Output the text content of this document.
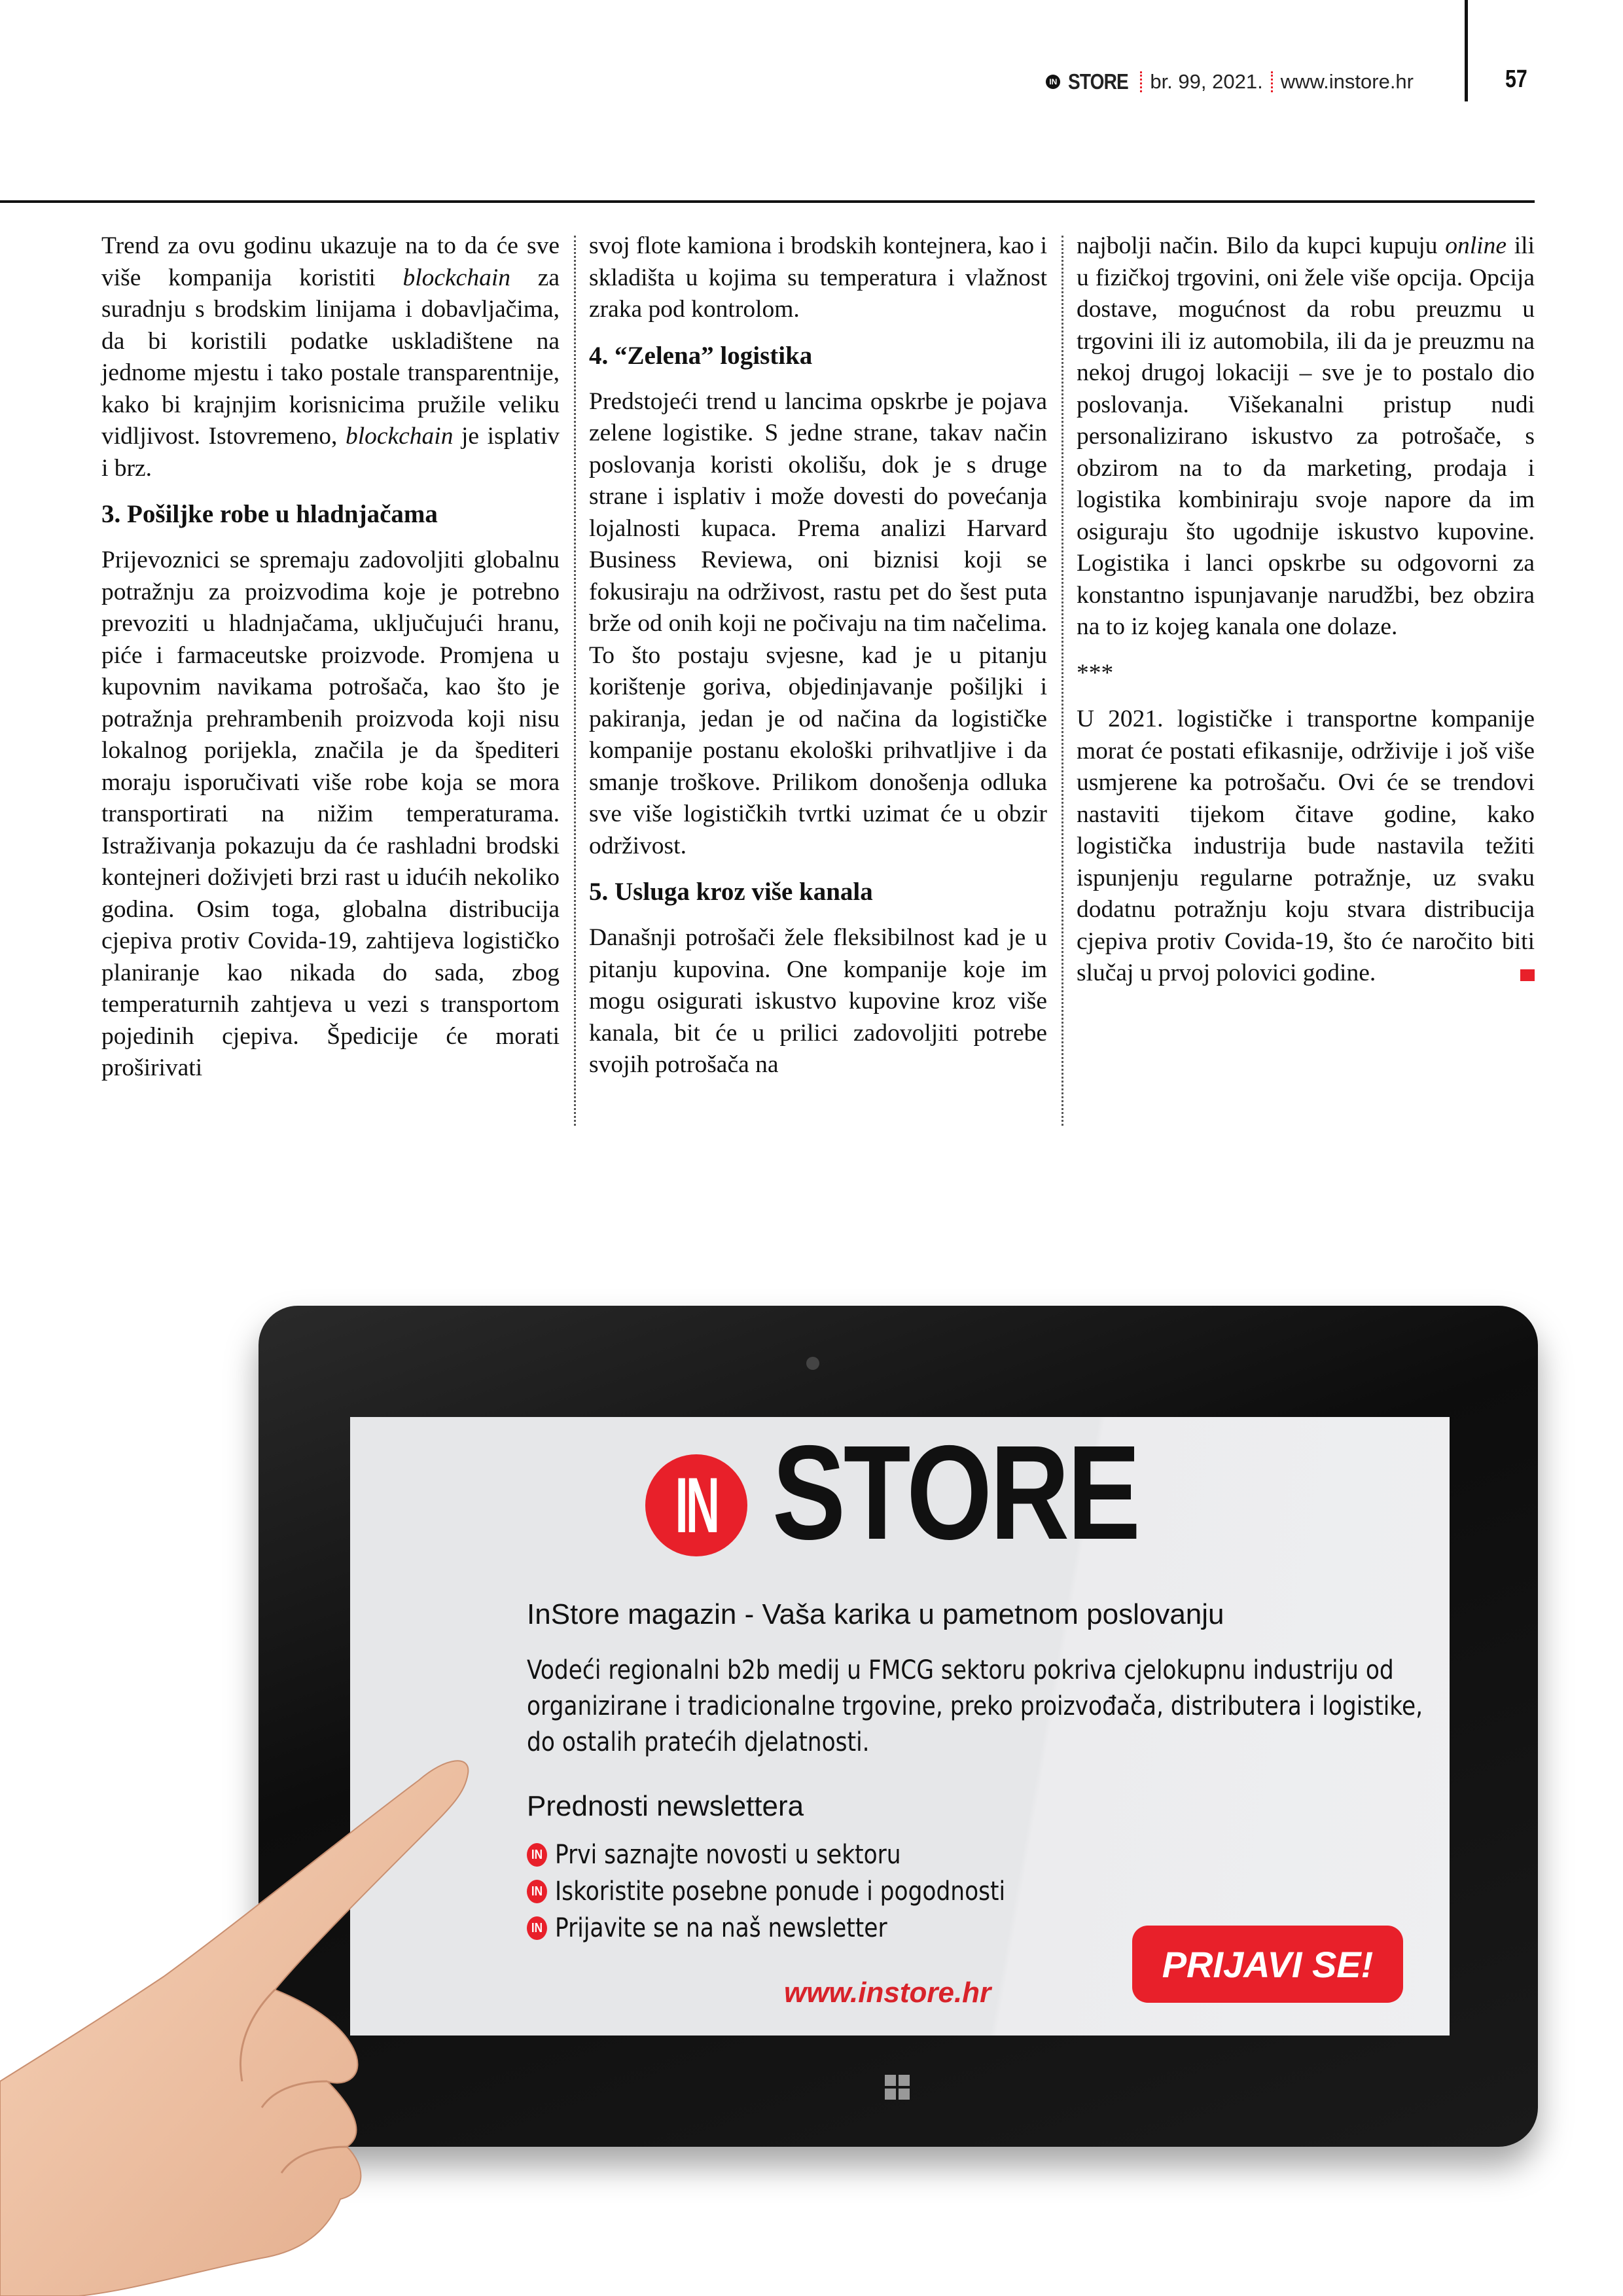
IN STORE br. 99, 2021. www.instore.hr	57

Trend za ovu godinu ukazuje na to da će sve više kompanija koristiti blockchain za suradnju s brodskim linijama i dobavljačima, da bi koristili podatke uskladištene na jednome mjestu i tako postale transparentnije, kako bi krajnjim korisnicima pružile veliku vidljivost. Istovremeno, blockchain je isplativ i brz.

3. Pošiljke robe u hladnjačama

Prijevoznici se spremaju zadovoljiti globalnu potražnju za proizvodima koje je potrebno prevoziti u hladnjačama, uključujući hranu, piće i farmaceutske proizvode. Promjena u kupovnim navikama potrošača, kao što je potražnja prehrambenih proizvoda koji nisu lokalnog porijekla, značila je da špediteri moraju isporučivati više robe koja se mora transportirati na nižim temperaturama. Istraživanja pokazuju da će rashladni brodski kontejneri doživjeti brzi rast u idućih nekoliko godina. Osim toga, globalna distribucija cjepiva protiv Covida-19, zahtijeva logističko planiranje kao nikada do sada, zbog temperaturnih zahtjeva u vezi s transportom pojedinih cjepiva. Špedicije će morati proširivati

svoj flote kamiona i brodskih kontejnera, kao i skladišta u kojima su temperatura i vlažnost zraka pod kontrolom.

4. “Zelena” logistika

Predstojeći trend u lancima opskrbe je pojava zelene logistike. S jedne strane, takav način poslovanja koristi okolišu, dok je s druge strane i isplativ i može dovesti do povećanja lojalnosti kupaca. Prema analizi Harvard Business Reviewa, oni biznisi koji se fokusiraju na održivost, rastu pet do šest puta brže od onih koji ne počivaju na tim načelima. To što postaju svjesne, kad je u pitanju korištenje goriva, objedinjavanje pošiljki i pakiranja, jedan je od načina da logističke kompanije postanu ekološki prihvatljive i da smanje troškove. Prilikom donošenja odluka sve više logističkih tvrtki uzimat će u obzir održivost.

5. Usluga kroz više kanala

Današnji potrošači žele fleksibilnost kad je u pitanju kupovina. One kompanije koje im mogu osigurati iskustvo kupovine kroz više kanala, bit će u prilici zadovoljiti potrebe svojih potrošača na

najbolji način. Bilo da kupci kupuju online ili u fizičkoj trgovini, oni žele više opcija. Opcija dostave, mogućnost da robu preuzmu u trgovini ili iz automobila, ili da je preuzmu na nekoj drugoj lokaciji – sve je to postalo dio poslovanja. Višekanalni pristup nudi personalizirano iskustvo za potrošače, s obzirom na to da marketing, prodaja i logistika kombiniraju svoje napore da im osiguraju što ugodnije iskustvo kupovine. Logistika i lanci opskrbe su odgovorni za konstantno ispunjavanje narudžbi, bez obzira na to iz kojeg kanala one dolaze.

***

U 2021. logističke i transportne kompanije morat će postati efikasnije, održivije i još više usmjerene ka potrošaču. Ovi će se trendovi nastaviti tijekom čitave godine, kako logistička industrija bude nastavila težiti ispunjenju regularne potražnje, uz svaku dodatnu potražnju koju stvara distribucija cjepiva protiv Covida-19, što će naročito biti slučaj u prvoj polovici godine.

IN STORE
InStore magazin - Vaša karika u pametnom poslovanju
Vodeći regionalni b2b medij u FMCG sektoru pokriva cjelokupnu industriju od organizirane i tradicionalne trgovine, preko proizvođača, distributera i logistike, do ostalih pratećih djelatnosti.
Prednosti newslettera
IN Prvi saznajte novosti u sektoru
IN Iskoristite posebne ponude i pogodnosti
IN Prijavite se na naš newsletter
PRIJAVI SE!
www.instore.hr
